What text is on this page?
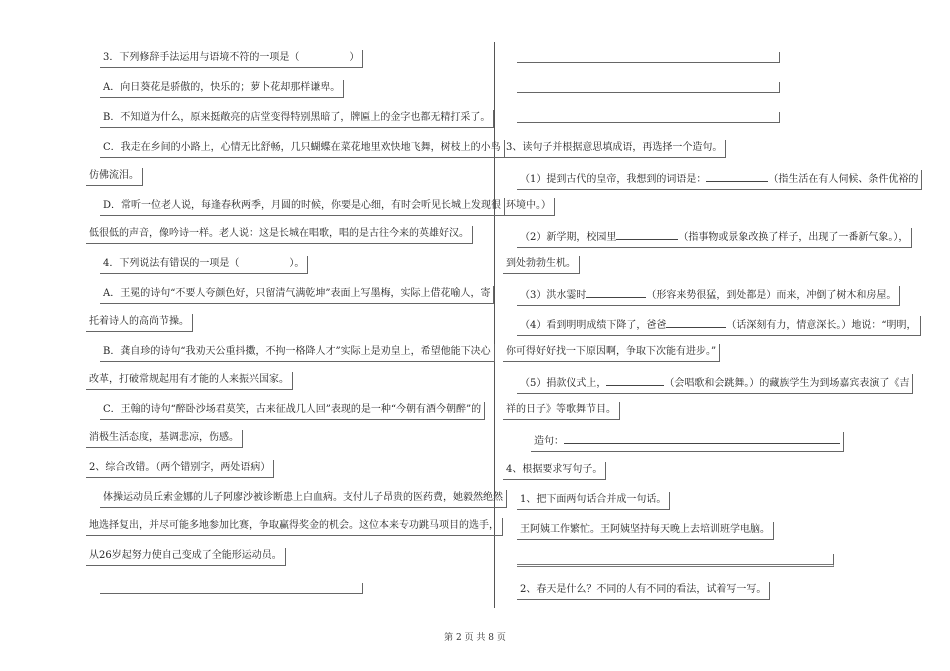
3．下列修辞手法运用与语境不符的一项是（　　　　　）
A．向日葵花是骄傲的，快乐的；萝卜花却那样谦卑。
B．不知道为什么，原来挺敞亮的店堂变得特别黑暗了，牌匾上的金字也都无精打采了。
C．我走在乡间的小路上，心情无比舒畅，几只蝴蝶在菜花地里欢快地飞舞，树枝上的小鸟
仿佛流泪。
D．常听一位老人说，每逢春秋两季，月圆的时候，你要是心细，有时会听见长城上发现很
低很低的声音，像吟诗一样。老人说：这是长城在唱歌，唱的是古往今来的英雄好汉。
4．下列说法有错误的一项是（　　　　　）。
A．王冕的诗句“不要人夸颜色好，只留清气满乾坤”表面上写墨梅，实际上借花喻人，寄
托着诗人的高尚节操。
B．龚自珍的诗句“我劝天公重抖擞，不拘一格降人才”实际上是劝皇上，希望他能下决心
改革，打破常规起用有才能的人来振兴国家。
C．王翰的诗句“醉卧沙场君莫笑，古来征战几人回”表现的是一种“今朝有酒今朝醉”的
消极生活态度，基调悲凉，伤感。
2、综合改错。（两个错别字，两处语病）
体操运动员丘索金娜的儿子阿廖沙被诊断患上白血病。支付儿子昂贵的医药费，她毅然绝然
地选择复出，并尽可能多地参加比赛，争取赢得奖金的机会。这位本来专功跳马项目的选手，
从26岁起努力使自己变成了全能形运动员。
3、读句子并根据意思填成语，再选择一个造句。
（1）提到古代的皇帝，我想到的词语是：	（指生活在有人伺候、条件优裕的
环境中。）
（2）新学期，校园里	（指事物或景象改换了样子，出现了一番新气象。），
到处勃勃生机。
（3）洪水霎时	（形容来势很猛，到处都是）而来，冲倒了树木和房屋。
（4）看到明明成绩下降了，爸爸	（话深刻有力，情意深长。）地说：“明明，
你可得好好找一下原因啊，争取下次能有进步。”
（5）捐款仪式上，	（会唱歌和会跳舞。）的藏族学生为到场嘉宾表演了《吉
祥的日子》等歌舞节目。
造句：
4、根据要求写句子。
1、把下面两句话合并成一句话。
王阿姨工作繁忙。王阿姨坚持每天晚上去培训班学电脑。
2、春天是什么？不同的人有不同的看法，试着写一写。
第 2 页 共 8 页
